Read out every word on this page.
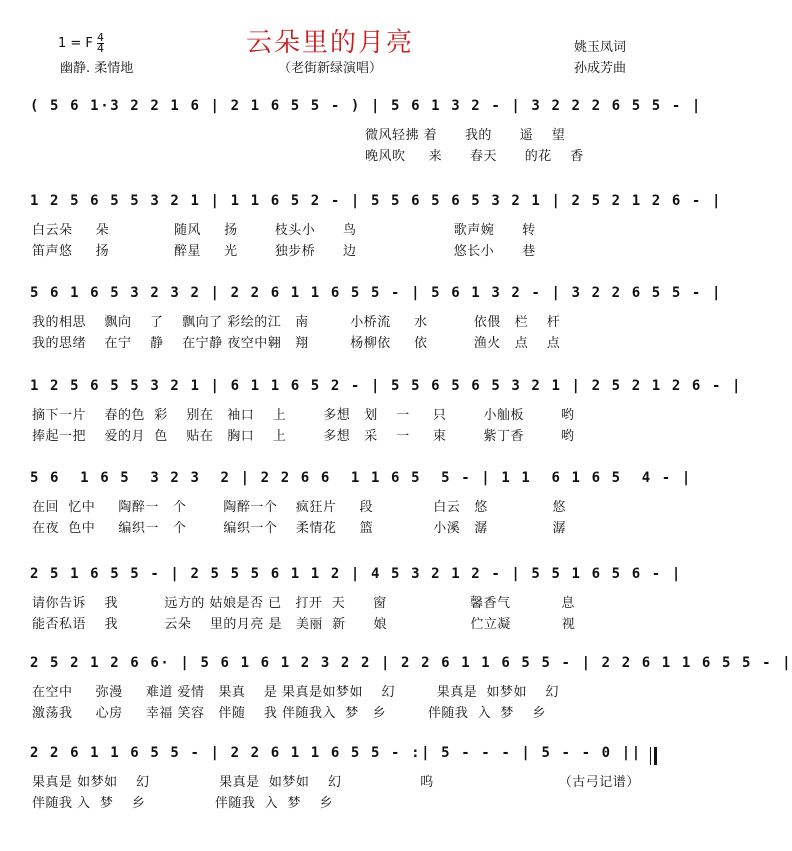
1 = F $\frac{4}{4}$	云朵里的月亮
幽静. 柔情地	（老街新绿演唱）
姚玉凤词
孙成芳曲
( 5 6 1·3 2 2 1 6 | 2 1 6 5 5 - ) | 5 6 1 3 2 - | 3 2 2 2 6 5 5 - |
微风轻拂 着      我的      遥    望
晚风吹     来      春天      的花    香
1 2 5 6 5 5 3 2 1 | 1 1 6 5 2 - | 5 5 6 5 6 5 3 2 1 | 2 5 2 1 2 6 - |
白云朵     朵              随风     扬        枝头小      鸟                     歌声婉      转
笛声悠     扬              醉星     光        独步桥      边                     悠长小      巷
5 6 1 6 5 3 2 3 2 | 2 2 6 1 1 6 5 5 - | 5 6 1 3 2 - | 3 2 2 6 5 5 - |
我的相思    飘向    了    飘向了 彩绘的江   南         小桥流     水          依偎   栏    杆
我的思绪    在宁    静    在宁静 夜空中翱   翔         杨柳依     依          渔火   点    点
1 2 5 6 5 5 3 2 1 | 6 1 1 6 5 2 - | 5 5 6 5 6 5 3 2 1 | 2 5 2 1 2 6 - |
摘下一片    春的色  彩    别在   袖口    上        多想   划    一     只        小舢板        哟
捧起一把    爱的月  色    贴在   胸口    上        多想   采    一     束        紫丁香        哟
5 6  1 6 5  3 2 3  2 | 2 2 6 6  1 1 6 5  5 - | 1 1  6 1 6 5  4 - |
在回  忆中     陶醉一   个        陶醉一个    疯狂片     段             白云   悠              悠
在夜  色中     编织一   个        编织一个    柔情花     篮             小溪   潺              潺
2 5 1 6 5 5 - | 2 5 5 5 6 1 1 2 | 4 5 3 2 1 2 - | 5 5 1 6 5 6 - |
请你告诉    我          远方的 姑娘是否 已   打开  天      窗                  馨香气           息
能否私语    我          云朵    里的月亮 是   美丽  新      娘                  伫立凝           视
2 5 2 1 2 6 6· | 5 6 1 6 1 2 3 2 2 | 2 2 6 1 1 6 5 5 - | 2 2 6 1 1 6 5 5 - |
在空中     弥漫     难道 爱情   果真    是 果真是如梦如    幻         果真是  如梦如    幻
激荡我     心房     幸福 笑容   伴随    我 伴随我入  梦   乡         伴随我  入  梦    乡
2 2 6 1 1 6 5 5 - | 2 2 6 1 1 6 5 5 - :| 5 - - - | 5 - - 0 ||
果真是 如梦如    幻               果真是  如梦如    幻                 呜                           （古弓记谱）
伴随我 入  梦    乡               伴随我  入  梦    乡
